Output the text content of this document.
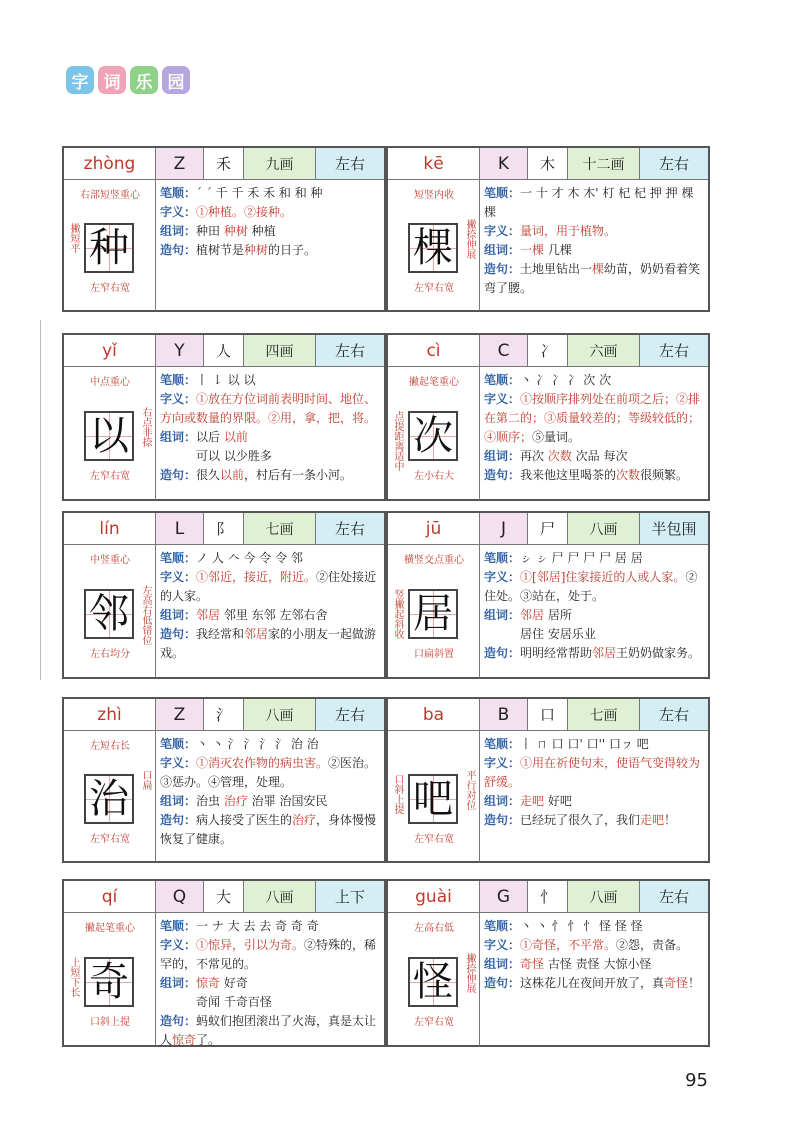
字 词 乐 园
zhòng	Z	禾	九画	左右
右部短竖重心
撇短平 种
左窄右宽
笔顺：´ ˊ 千 千 禾 禾 和 和 种
字义：①种植。②接种。
组词：种田 种树 种植
造句：植树节是种树的日子。
kē	K	木	十二画	左右
短竖内收
棵 撇捺伸展
左窄右宽
笔顺：一 十 才 木 木' 朾 杞 杞 押 押 棵 棵
字义：量词，用于植物。
组词：一棵 几棵
造句：土地里钻出一棵幼苗，奶奶看着笑弯了腰。
yǐ	Y	人	四画	左右
中点重心
以 右点非捺
左窄右宽
笔顺：丨 ㇙ 以 以
字义：①放在方位词前表明时间、地位、方向或数量的界限。②用，拿，把，将。
组词：以后 以前
可以 以少胜多
造句：很久以前，村后有一条小河。
cì	C	冫	六画	左右
撇起笔重心
点提距离适中 次
左小右大
笔顺：丶 冫 冫 冫 次 次
字义：①按顺序排列处在前项之后；②排在第二的；③质量较差的；等级较低的；④顺序；⑤量词。
组词：再次 次数 次品 每次
造句：我来他这里喝茶的次数很频繁。
lín	L	阝	七画	左右
中竖重心
邻 左高右低错位
左右均分
笔顺：ノ 人 𠆢 今 令 令 邻
字义：①邻近，接近，附近。②住处接近的人家。
组词：邻居 邻里 东邻 左邻右舍
造句：我经常和邻居家的小朋友一起做游戏。
jū	J	尸	八画	半包围
横竖交点重心
竖撇起斜收 居
口扁斜置
笔顺：ㇱ ㇱ 尸 尸 尸 尸 居 居
字义：①[邻居]住家接近的人或人家。②住处。③站在，处于。
组词：邻居 居所
居住 安居乐业
造句：明明经常帮助邻居王奶奶做家务。
zhì	Z	氵	八画	左右
左短右长
治 口扁
左窄右宽
笔顺：丶 丶 氵 氵 氵 氵 治 治
字义：①消灭农作物的病虫害。②医治。③惩办。④管理，处理。
组词：治虫 治疗 治罪 治国安民
造句：病人接受了医生的治疗，身体慢慢恢复了健康。
ba	B	口	七画	左右
口斜上提 吧 平行对位
左窄右宽
笔顺：丨 ㄇ 口 口' 口'' 口ㇷ 吧
字义：①用在祈使句末，使语气变得较为舒缓。
组词：走吧 好吧
造句：已经玩了很久了，我们走吧！
qí	Q	大	八画	上下
撇起笔重心
上短下长 奇
口斜上提
笔顺：一 ナ 大 去 去 奇 奇 奇
字义：①惊异，引以为奇。②特殊的，稀罕的，不常见的。
组词：惊奇 好奇
奇闻 千奇百怪
造句：蚂蚁们抱团滚出了火海，真是太让人惊奇了。
guài	G	忄	八画	左右
左高右低
怪 撇捺伸展
左窄右宽
笔顺：丶 丶 忄 忄 忄 怪 怪 怪
字义：①奇怪，不平常。②怨，责备。
组词：奇怪 古怪 责怪 大惊小怪
造句：这株花儿在夜间开放了，真奇怪！
95
